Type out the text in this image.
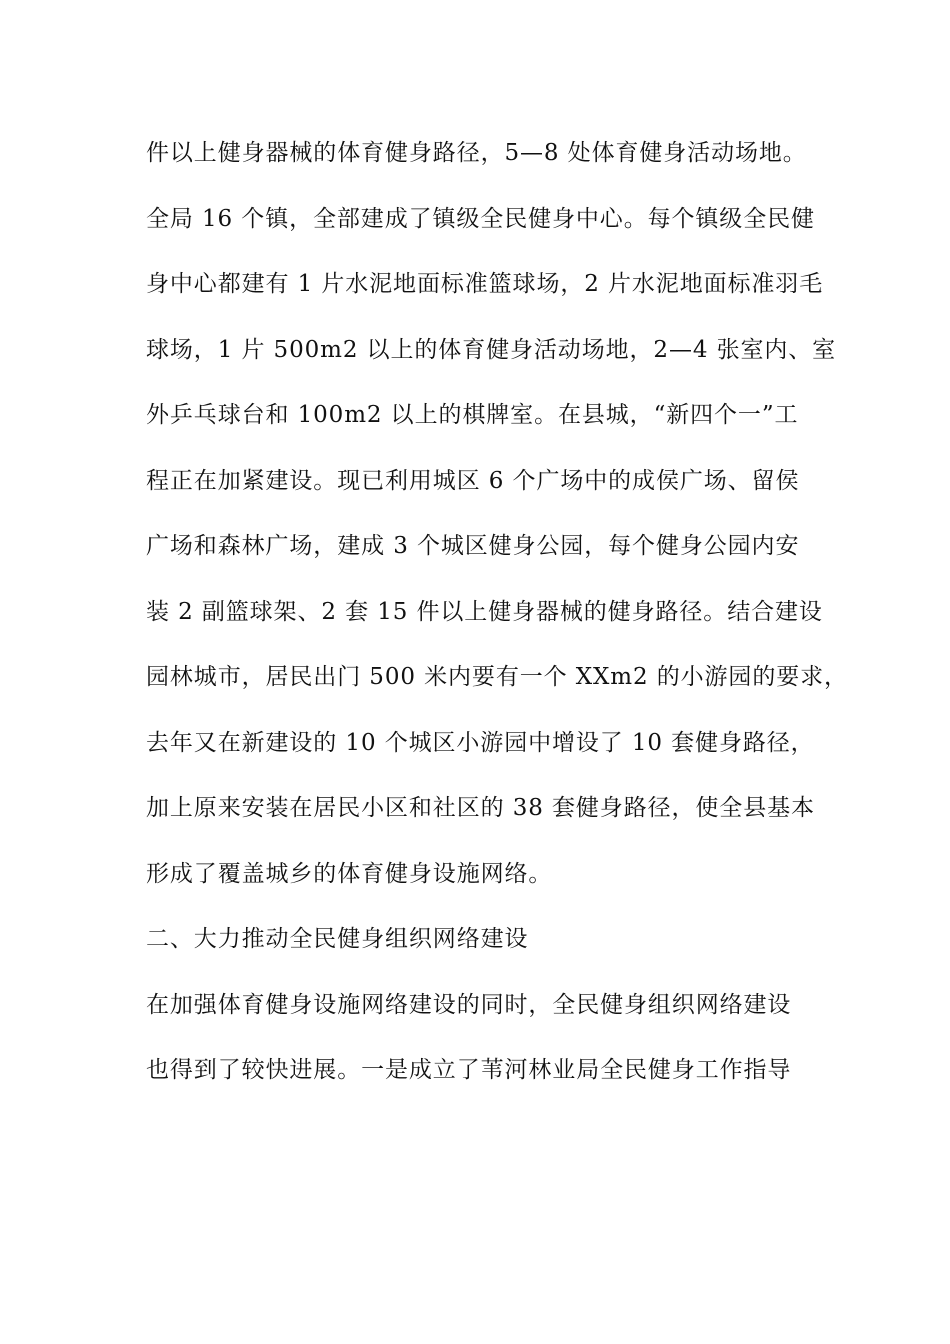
件以上健身器械的体育健身路径，5—8 处体育健身活动场地。
全局 16 个镇，全部建成了镇级全民健身中心。每个镇级全民健
身中心都建有 1 片水泥地面标准篮球场，2 片水泥地面标准羽毛
球场，1 片 500m2 以上的体育健身活动场地，2—4 张室内、室
外乒乓球台和 100m2 以上的棋牌室。在县城，“新四个一”工
程正在加紧建设。现已利用城区 6 个广场中的成侯广场、留侯
广场和森林广场，建成 3 个城区健身公园，每个健身公园内安
装 2 副篮球架、2 套 15 件以上健身器械的健身路径。结合建设
园林城市，居民出门 500 米内要有一个 XXm2 的小游园的要求，
去年又在新建设的 10 个城区小游园中增设了 10 套健身路径，
加上原来安装在居民小区和社区的 38 套健身路径，使全县基本
形成了覆盖城乡的体育健身设施网络。
二、大力推动全民健身组织网络建设
在加强体育健身设施网络建设的同时，全民健身组织网络建设
也得到了较快进展。一是成立了苇河林业局全民健身工作指导
